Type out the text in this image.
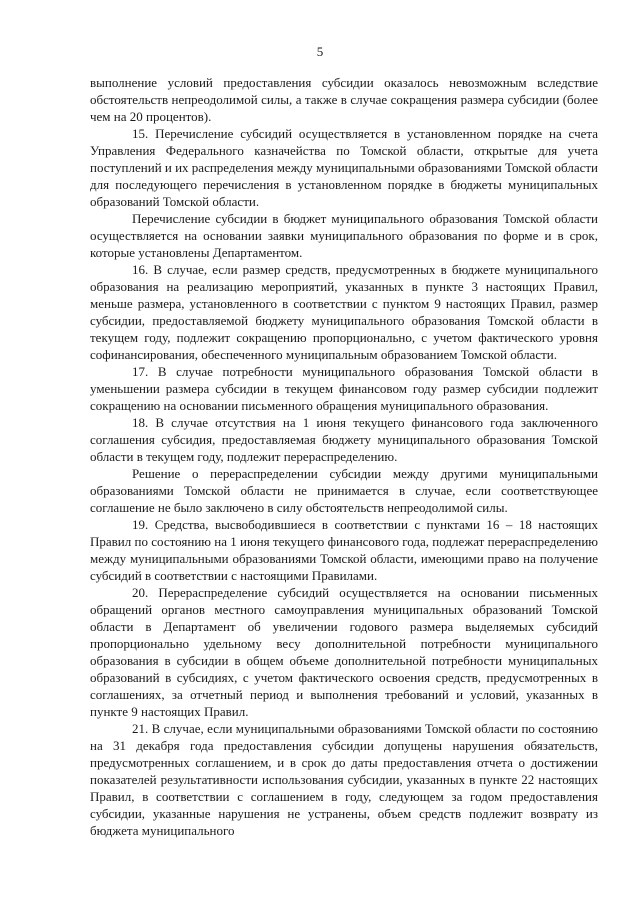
5

выполнение условий предоставления субсидии оказалось невозможным вследствие обстоятельств непреодолимой силы, а также в случае сокращения размера субсидии (более чем на 20 процентов).

15. Перечисление субсидий осуществляется в установленном порядке на счета Управления Федерального казначейства по Томской области, открытые для учета поступлений и их распределения между муниципальными образованиями Томской области для последующего перечисления в установленном порядке в бюджеты муниципальных образований Томской области.

Перечисление субсидии в бюджет муниципального образования Томской области осуществляется на основании заявки муниципального образования по форме и в срок, которые установлены Департаментом.

16. В случае, если размер средств, предусмотренных в бюджете муниципального образования на реализацию мероприятий, указанных в пункте 3 настоящих Правил, меньше размера, установленного в соответствии с пунктом 9 настоящих Правил, размер субсидии, предоставляемой бюджету муниципального образования Томской области в текущем году, подлежит сокращению пропорционально, с учетом фактического уровня софинансирования, обеспеченного муниципальным образованием Томской области.

17. В случае потребности муниципального образования Томской области в уменьшении размера субсидии в текущем финансовом году размер субсидии подлежит сокращению на основании письменного обращения муниципального образования.

18. В случае отсутствия на 1 июня текущего финансового года заключенного соглашения субсидия, предоставляемая бюджету муниципального образования Томской области в текущем году, подлежит перераспределению.

Решение о перераспределении субсидии между другими муниципальными образованиями Томской области не принимается в случае, если соответствующее соглашение не было заключено в силу обстоятельств непреодолимой силы.

19. Средства, высвободившиеся в соответствии с пунктами 16 – 18 настоящих Правил по состоянию на 1 июня текущего финансового года, подлежат перераспределению между муниципальными образованиями Томской области, имеющими право на получение субсидий в соответствии с настоящими Правилами.

20. Перераспределение субсидий осуществляется на основании письменных обращений органов местного самоуправления муниципальных образований Томской области в Департамент об увеличении годового размера выделяемых субсидий пропорционально удельному весу дополнительной потребности муниципального образования в субсидии в общем объеме дополнительной потребности муниципальных образований в субсидиях, с учетом фактического освоения средств, предусмотренных в соглашениях, за отчетный период и выполнения требований и условий, указанных в пункте 9 настоящих Правил.

21. В случае, если муниципальными образованиями Томской области по состоянию на 31 декабря года предоставления субсидии допущены нарушения обязательств, предусмотренных соглашением, и в срок до даты предоставления отчета о достижении показателей результативности использования субсидии, указанных в пункте 22 настоящих Правил, в соответствии с соглашением в году, следующем за годом предоставления субсидии, указанные нарушения не устранены, объем средств подлежит возврату из бюджета муниципального
